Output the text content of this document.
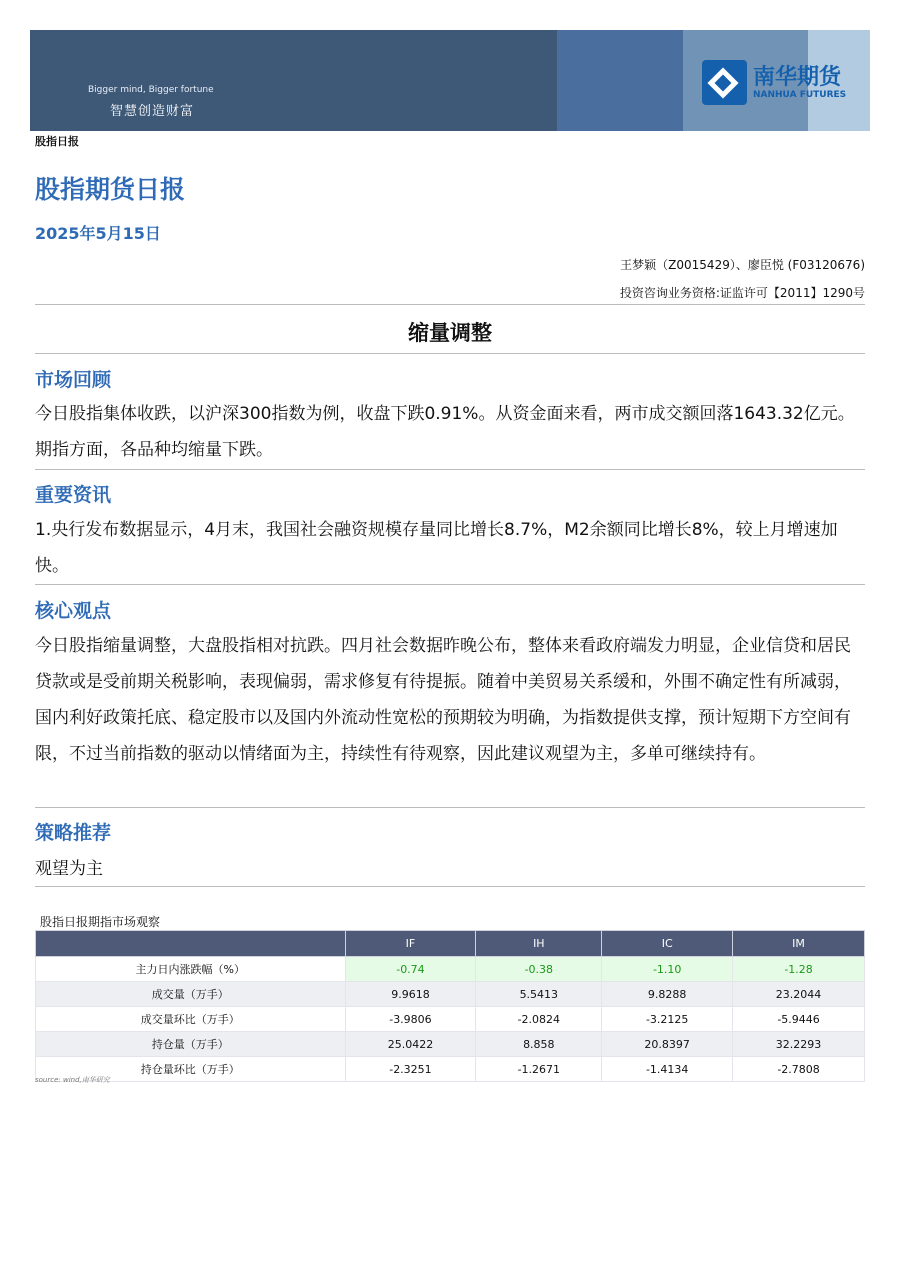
Bigger mind, Bigger fortune
智慧创造财富
南华期货
NANHUA FUTURES
股指日报
股指期货日报
2025年5月15日
王梦颖（Z0015429）、廖臣悦 (F03120676)
投资咨询业务资格:证监许可【2011】1290号
缩量调整
市场回顾
今日股指集体收跌，以沪深300指数为例，收盘下跌0.91%。从资金面来看，两市成交额回落1643.32亿元。期指方面，各品种均缩量下跌。
重要资讯
1.央行发布数据显示，4月末，我国社会融资规模存量同比增长8.7%，M2余额同比增长8%，较上月增速加快。
核心观点
今日股指缩量调整，大盘股指相对抗跌。四月社会数据昨晚公布，整体来看政府端发力明显，企业信贷和居民贷款或是受前期关税影响，表现偏弱，需求修复有待提振。随着中美贸易关系缓和，外围不确定性有所减弱，国内利好政策托底、稳定股市以及国内外流动性宽松的预期较为明确，为指数提供支撑，预计短期下方空间有限，不过当前指数的驱动以情绪面为主，持续性有待观察，因此建议观望为主，多单可继续持有。
策略推荐
观望为主
股指日报期指市场观察
	IF	IH	IC	IM
主力日内涨跌幅（%）	-0.74	-0.38	-1.10	-1.28
成交量（万手）	9.9618	5.5413	9.8288	23.2044
成交量环比（万手）	-3.9806	-2.0824	-3.2125	-5.9446
持仓量（万手）	25.0422	8.858	20.8397	32.2293
持仓量环比（万手）	-2.3251	-1.2671	-1.4134	-2.7808
source: wind,南华研究
